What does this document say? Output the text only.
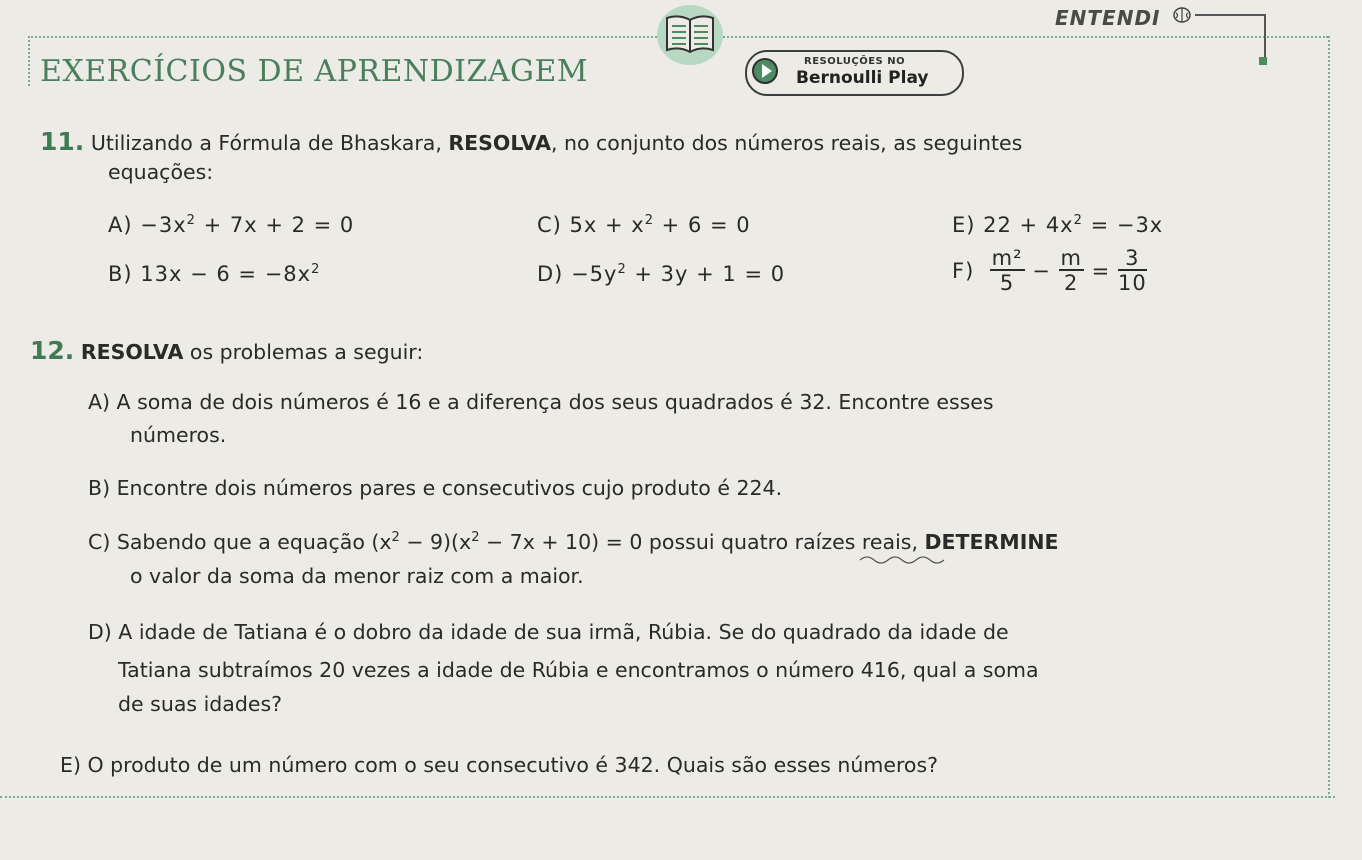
ENTENDI
EXERCÍCIOS DE APRENDIZAGEM	RESOLUÇÕES NO
Bernoulli Play
11. Utilizando a Fórmula de Bhaskara, RESOLVA, no conjunto dos números reais, as seguintes
equações:
$A) -3x^2 + 7x + 2 = 0$	C) $5x + x^2 + 6 = 0$	E) $22 + 4x^2 = -3x$
B) $13x - 6 = -8x^2$	$D) -5y^2 + 3y + 1 = 0$	$F) \frac{\text{m²}}{5} - \frac{m}{2} = \frac{3}{10}$
12. RESOLVA os problemas a seguir:
A) A soma de dois números é 16 e a diferença dos seus quadrados é 32. Encontre esses
números.
B) Encontre dois números pares e consecutivos cujo produto é 224.
C) Sabendo que a equação $(x^2 - 9)(x^2 - 7x + 10) = 0$ possui quatro raízes reais, DETERMINE
o valor da soma da menor raiz com a maior.
D) A idade de Tatiana é o dobro da idade de sua irmã, Rúbia. Se do quadrado da idade de
Tatiana subtraímos 20 vezes a idade de Rúbia e encontramos o número 416, qual a soma
de suas idades?
E) O produto de um número com o seu consecutivo é 342. Quais são esses números?
